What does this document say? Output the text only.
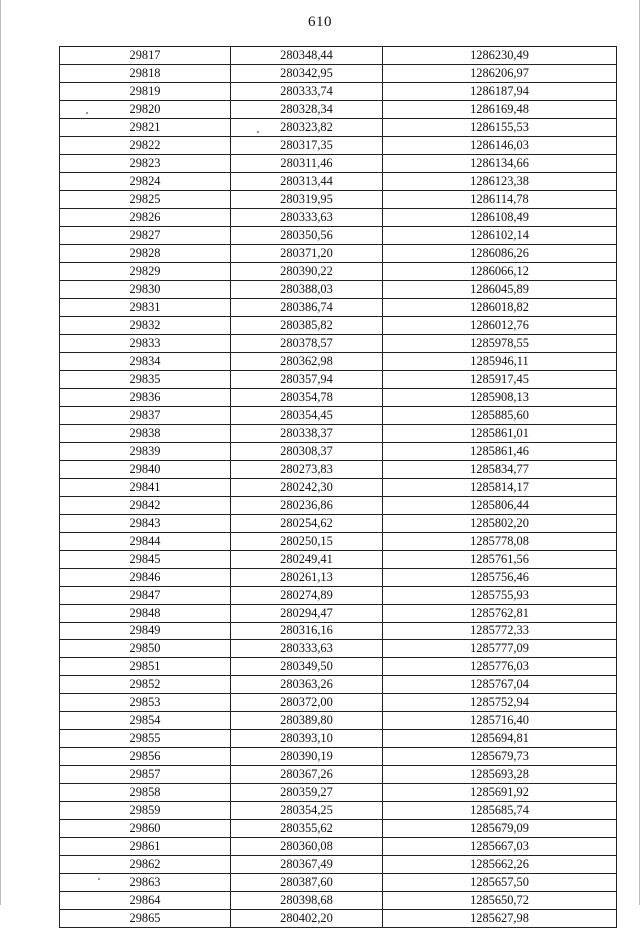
610
29817	280348,44	1286230,49
29818	280342,95	1286206,97
29819	280333,74	1286187,94
29820	280328,34	1286169,48
29821	280323,82	1286155,53
29822	280317,35	1286146,03
29823	280311,46	1286134,66
29824	280313,44	1286123,38
29825	280319,95	1286114,78
29826	280333,63	1286108,49
29827	280350,56	1286102,14
29828	280371,20	1286086,26
29829	280390,22	1286066,12
29830	280388,03	1286045,89
29831	280386,74	1286018,82
29832	280385,82	1286012,76
29833	280378,57	1285978,55
29834	280362,98	1285946,11
29835	280357,94	1285917,45
29836	280354,78	1285908,13
29837	280354,45	1285885,60
29838	280338,37	1285861,01
29839	280308,37	1285861,46
29840	280273,83	1285834,77
29841	280242,30	1285814,17
29842	280236,86	1285806,44
29843	280254,62	1285802,20
29844	280250,15	1285778,08
29845	280249,41	1285761,56
29846	280261,13	1285756,46
29847	280274,89	1285755,93
29848	280294,47	1285762,81
29849	280316,16	1285772,33
29850	280333,63	1285777,09
29851	280349,50	1285776,03
29852	280363,26	1285767,04
29853	280372,00	1285752,94
29854	280389,80	1285716,40
29855	280393,10	1285694,81
29856	280390,19	1285679,73
29857	280367,26	1285693,28
29858	280359,27	1285691,92
29859	280354,25	1285685,74
29860	280355,62	1285679,09
29861	280360,08	1285667,03
29862	280367,49	1285662,26
29863	280387,60	1285657,50
29864	280398,68	1285650,72
29865	280402,20	1285627,98
